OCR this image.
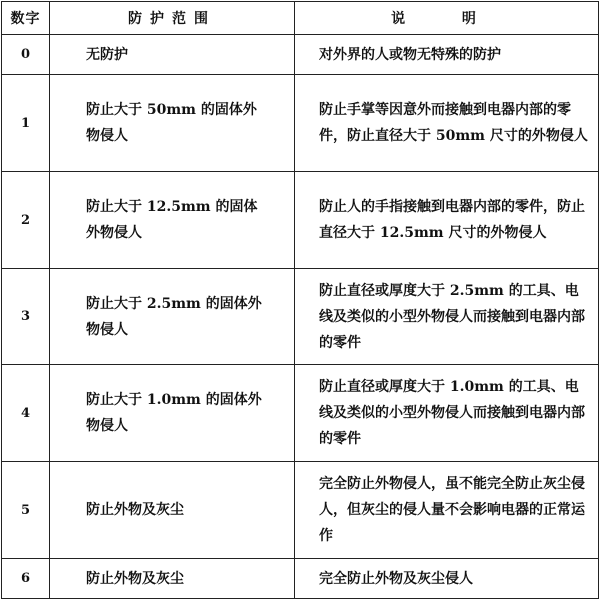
数字	防护范围	说 明
0	无防护	对外界的人或物无特殊的防护
1	防止大于 50mm 的固体外物侵人	防止手掌等因意外而接触到电器内部的零件，防止直径大于 50mm 尺寸的外物侵人
2	防止大于 12.5mm 的固体外物侵人	防止人的手指接触到电器内部的零件，防止直径大于 12.5mm 尺寸的外物侵人
3	防止大于 2.5mm 的固体外物侵人	防止直径或厚度大于 2.5mm 的工具、电线及类似的小型外物侵人而接触到电器内部的零件
4	防止大于 1.0mm 的固体外物侵人	防止直径或厚度大于 1.0mm 的工具、电线及类似的小型外物侵人而接触到电器内部的零件
5	防止外物及灰尘	完全防止外物侵人，虽不能完全防止灰尘侵人，但灰尘的侵人量不会影响电器的正常运作
6	防止外物及灰尘	完全防止外物及灰尘侵人
